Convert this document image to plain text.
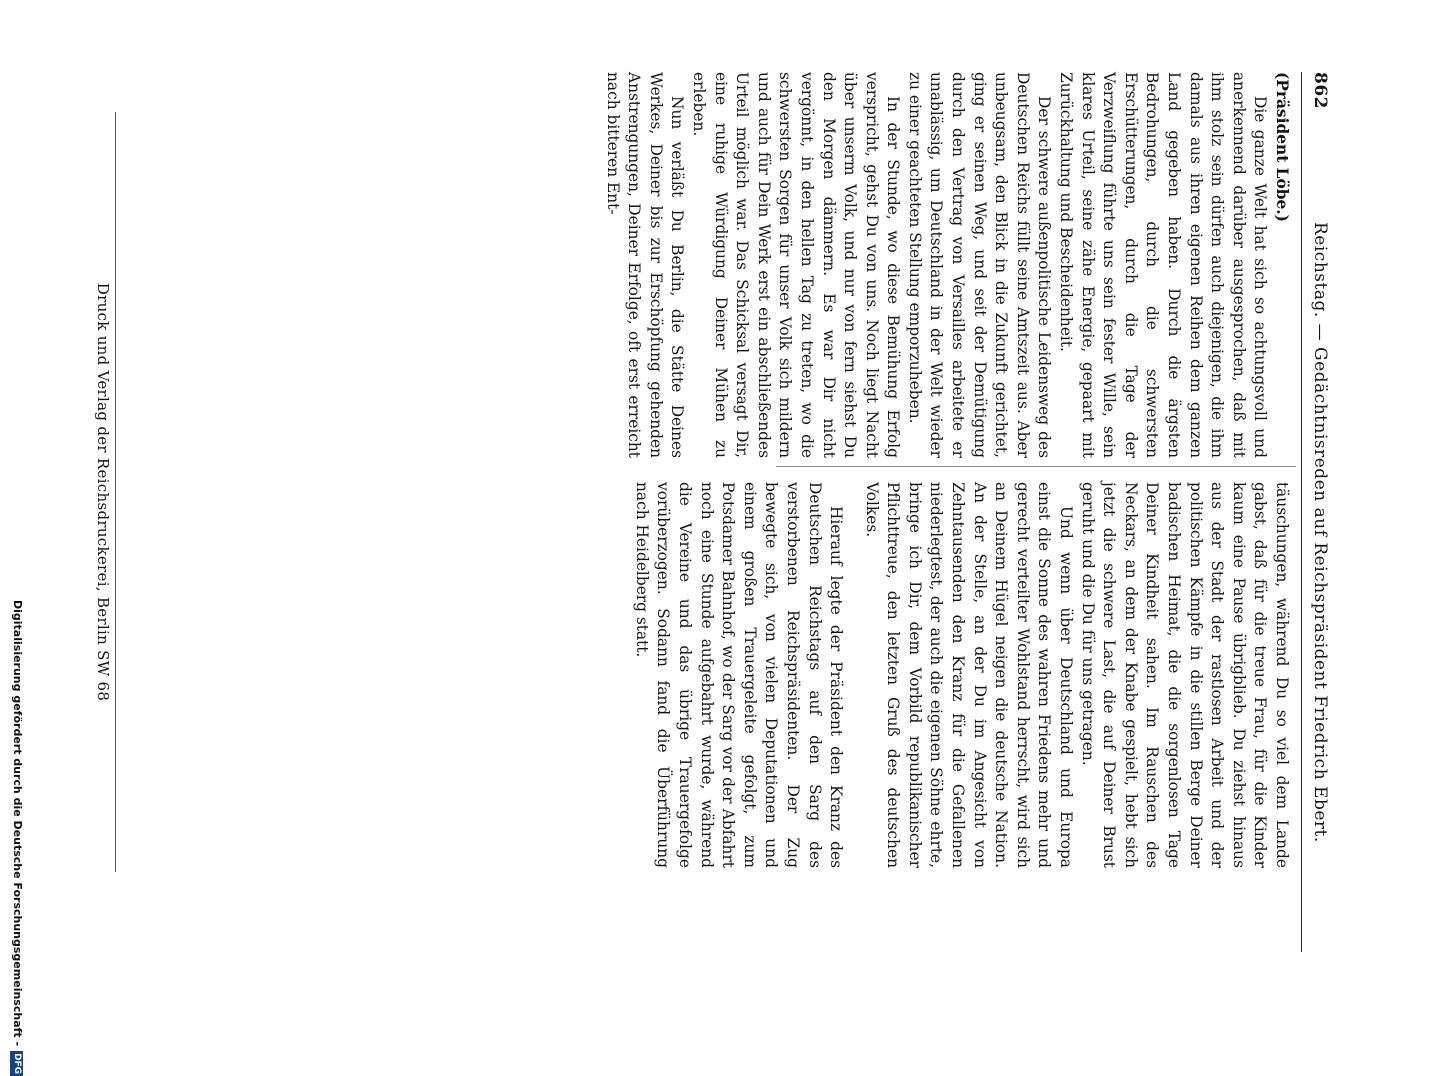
862
Reichstag. — Gedächtnisreden auf Reichspräsident Friedrich Ebert.

(Präsident Löbe.)

Die ganze Welt hat sich so achtungsvoll und anerkennend darüber ausgesprochen, daß mit ihm stolz sein dürfen auch diejenigen, die ihm damals aus ihren eigenen Reihen dem ganzen Land gegeben haben. Durch die ärgsten Bedrohungen, durch die schwersten Erschütterungen, durch die Tage der Verzweiflung führte uns sein fester Wille, sein klares Urteil, seine zähe Energie, gepaart mit Zurückhaltung und Bescheidenheit.

Der schwere außenpolitische Leidensweg des Deutschen Reichs füllt seine Amtszeit aus. Aber unbeugsam, den Blick in die Zukunft gerichtet, ging er seinen Weg, und seit der Demütigung durch den Vertrag von Versailles arbeitete er unablässig, um Deutschland in der Welt wieder zu einer geachteten Stellung emporzuheben.

In der Stunde, wo diese Bemühung Erfolg verspricht, gehst Du von uns. Noch liegt Nacht über unserm Volk, und nur von fern siehst Du den Morgen dämmern. Es war Dir nicht vergönnt, in den hellen Tag zu treten, wo die schwersten Sorgen für unser Volk sich mildern und auch für Dein Werk erst ein abschließendes Urteil möglich war. Das Schicksal versagt Dir, eine ruhige Würdigung Deiner Mühen zu erleben.

Nun verläßt Du Berlin, die Stätte Deines Werkes, Deiner bis zur Erschöpfung gehenden Anstrengungen, Deiner Erfolge, oft erst erreicht nach bitteren Ent-

täuschungen, während Du so viel dem Lande gabst, daß für die treue Frau, für die Kinder kaum eine Pause übrigblieb. Du ziehst hinaus aus der Stadt der rastlosen Arbeit und der politischen Kämpfe in die stillen Berge Deiner badischen Heimat, die die sorgenlosen Tage Deiner Kindheit sahen. Im Rauschen des Neckars, an dem der Knabe gespielt, hebt sich jetzt die schwere Last, die auf Deiner Brust geruht und die Du für uns getragen.

Und wenn über Deutschland und Europa einst die Sonne des wahren Friedens mehr und gerecht verteilter Wohlstand herrscht, wird sich an Deinem Hügel neigen die deutsche Nation. An der Stelle, an der Du im Angesicht von Zehntausenden den Kranz für die Gefallenen niederlegtest, der auch die eigenen Söhne ehrte, bringe ich Dir, dem Vorbild republikanischer Pflichttreue, den letzten Gruß des deutschen Volkes.

Hierauf legte der Präsident den Kranz des Deutschen Reichstags auf den Sarg des verstorbenen Reichspräsidenten. Der Zug bewegte sich, von vielen Deputationen und einem großen Trauergeleite gefolgt, zum Potsdamer Bahnhof, wo der Sarg vor der Abfahrt noch eine Stunde aufgebahrt wurde, während die Vereine und das übrige Trauergefolge vorüberzogen. Sodann fand die Überführung nach Heidelberg statt.

Druck und Verlag der Reichsdruckerei, Berlin SW 68
Digitalisierung gefördert durch die Deutsche Forschungsgemeinschaft -DFG
